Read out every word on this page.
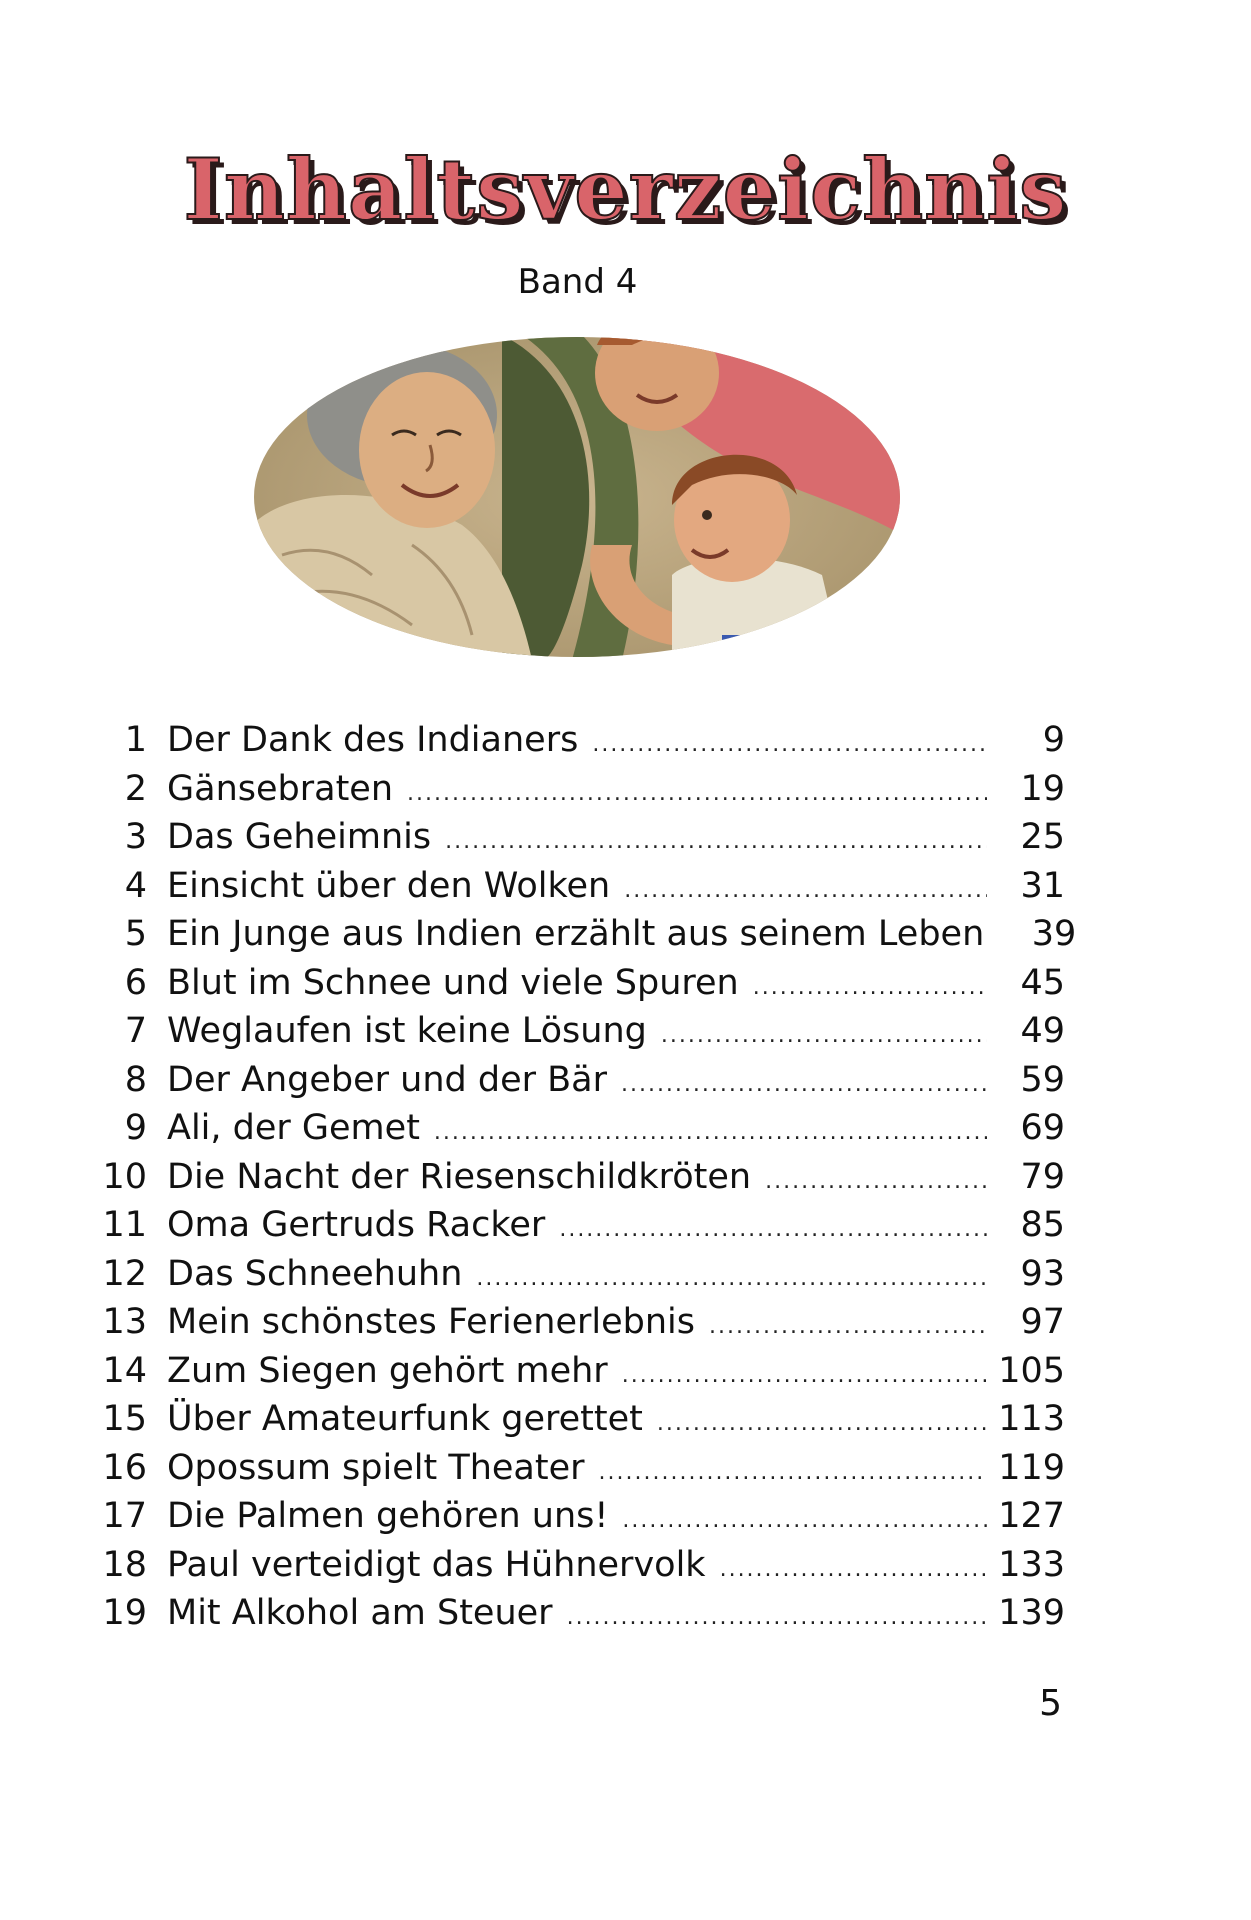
Inhaltsverzeichnis
Band 4
1 Der Dank des Indianers .....	9
2 Gänsebraten .....	19
3 Das Geheimnis .....	25
4 Einsicht über den Wolken .....	31
5 Ein Junge aus Indien erzählt aus seinem Leben	39
6 Blut im Schnee und viele Spuren .....	45
7 Weglaufen ist keine Lösung .....	49
8 Der Angeber und der Bär .....	59
9 Ali, der Gemet .....	69
10 Die Nacht der Riesenschildkröten .....	79
11 Oma Gertruds Racker .....	85
12 Das Schneehuhn .....	93
13 Mein schönstes Ferienerlebnis .....	97
14 Zum Siegen gehört mehr .....	105
15 Über Amateurfunk gerettet .....	113
16 Opossum spielt Theater .....	119
17 Die Palmen gehören uns! .....	127
18 Paul verteidigt das Hühnervolk .....	133
19 Mit Alkohol am Steuer .....	139
5
